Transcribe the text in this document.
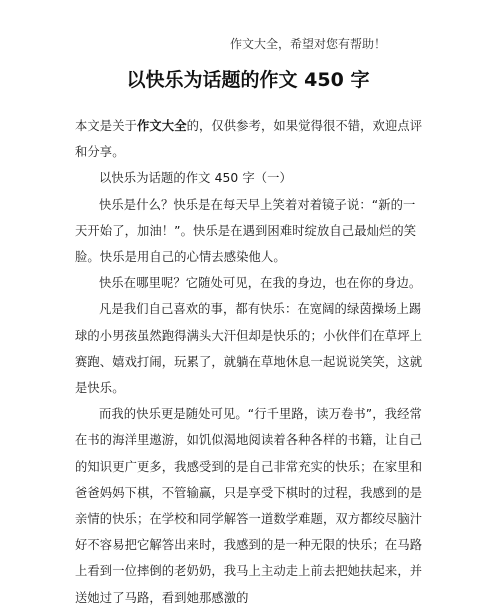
作文大全，希望对您有帮助！
以快乐为话题的作文 450 字

本文是关于作文大全的，仅供参考，如果觉得很不错，欢迎点评和分享。

以快乐为话题的作文 450 字（一）

快乐是什么？快乐是在每天早上笑着对着镜子说：“新的一天开始了，加油！”。快乐是在遇到困难时绽放自己最灿烂的笑脸。快乐是用自己的心情去感染他人。

快乐在哪里呢？它随处可见，在我的身边，也在你的身边。

凡是我们自己喜欢的事，都有快乐：在宽阔的绿茵操场上踢球的小男孩虽然跑得满头大汗但却是快乐的；小伙伴们在草坪上赛跑、嬉戏打闹，玩累了，就躺在草地休息一起说说笑笑，这就是快乐。

而我的快乐更是随处可见。“行千里路，读万卷书”，我经常在书的海洋里遨游，如饥似渴地阅读着各种各样的书籍，让自己的知识更广更多，我感受到的是自己非常充实的快乐；在家里和爸爸妈妈下棋，不管输赢，只是享受下棋时的过程，我感到的是亲情的快乐；在学校和同学解答一道数学难题，双方都绞尽脑汁好不容易把它解答出来时，我感到的是一种无限的快乐；在马路上看到一位摔倒的老奶奶，我马上主动走上前去把她扶起来，并送她过了马路，看到她那感激的
